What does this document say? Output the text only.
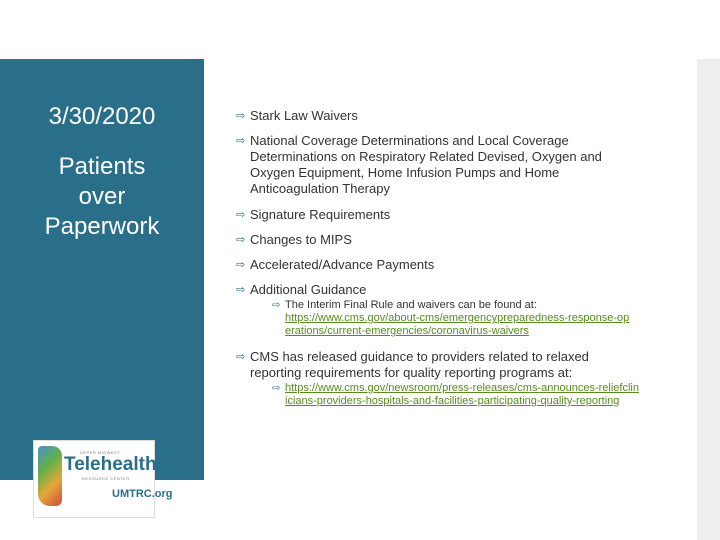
3/30/2020
Patients
over
Paperwork

⇨ Stark Law Waivers

⇨ National Coverage Determinations and Local Coverage Determinations on Respiratory Related Devised, Oxygen and Oxygen Equipment, Home Infusion Pumps and Home Anticoagulation Therapy

⇨ Signature Requirements

⇨ Changes to MIPS

⇨ Accelerated/Advance Payments

⇨ Additional Guidance

⇨ The Interim Final Rule and waivers can be found at:
https://www.cms.gov/about-cms/emergencypreparedness-response-operations/current-emergencies/coronavirus-waivers

⇨ CMS has released guidance to providers related to relaxed reporting requirements for quality reporting programs at:

⇨ https://www.cms.gov/newsroom/press-releases/cms-announces-reliefclinicians-providers-hospitals-and-facilities-participating-quality-reporting

UPPER MIDWEST
Telehealth
RESOURCE CENTER
UMTRC.org
